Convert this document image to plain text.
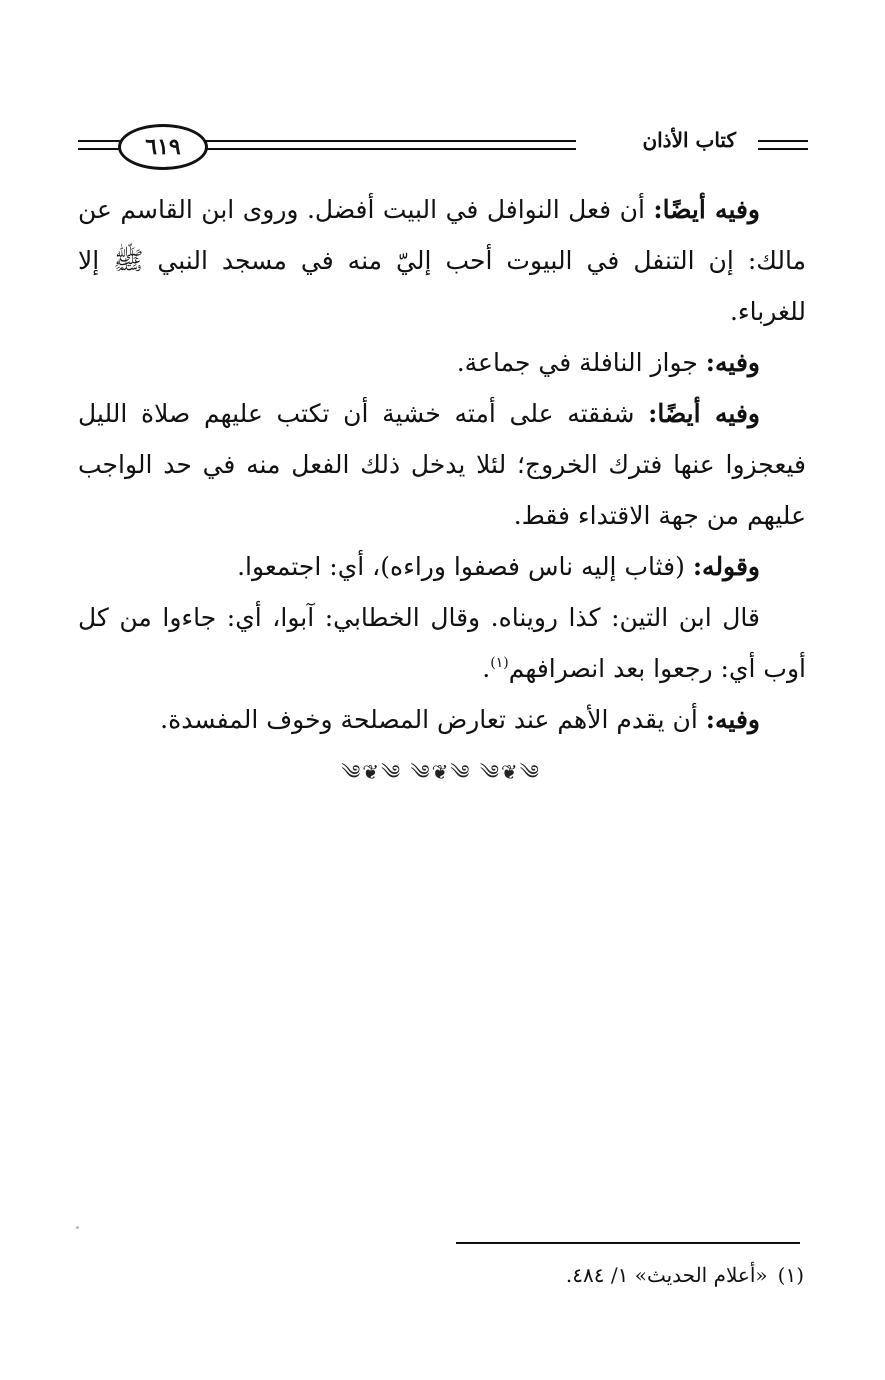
٦١٩	كتاب الأذان

وفيه أيضًا: أن فعل النوافل في البيت أفضل. وروى ابن القاسم عن مالك: إن التنفل في البيوت أحب إليّ منه في مسجد النبي ﷺ إلا للغرباء.

وفيه: جواز النافلة في جماعة.

وفيه أيضًا: شفقته على أمته خشية أن تكتب عليهم صلاة الليل فيعجزوا عنها فترك الخروج؛ لئلا يدخل ذلك الفعل منه في حد الواجب عليهم من جهة الاقتداء فقط.

وقوله: (فثاب إليه ناس فصفوا وراءه)، أي: اجتمعوا.

قال ابن التين: كذا رويناه. وقال الخطابي: آبوا، أي: جاءوا من كل أوب أي: رجعوا بعد انصرافهم$^{(١)}$.

وفيه: أن يقدم الأهم عند تعارض المصلحة وخوف المفسدة.

༄❦༄ ༄❦༄ ༄❦༄
(١)«أعلام الحديث» ١/ ٤٨٤.
